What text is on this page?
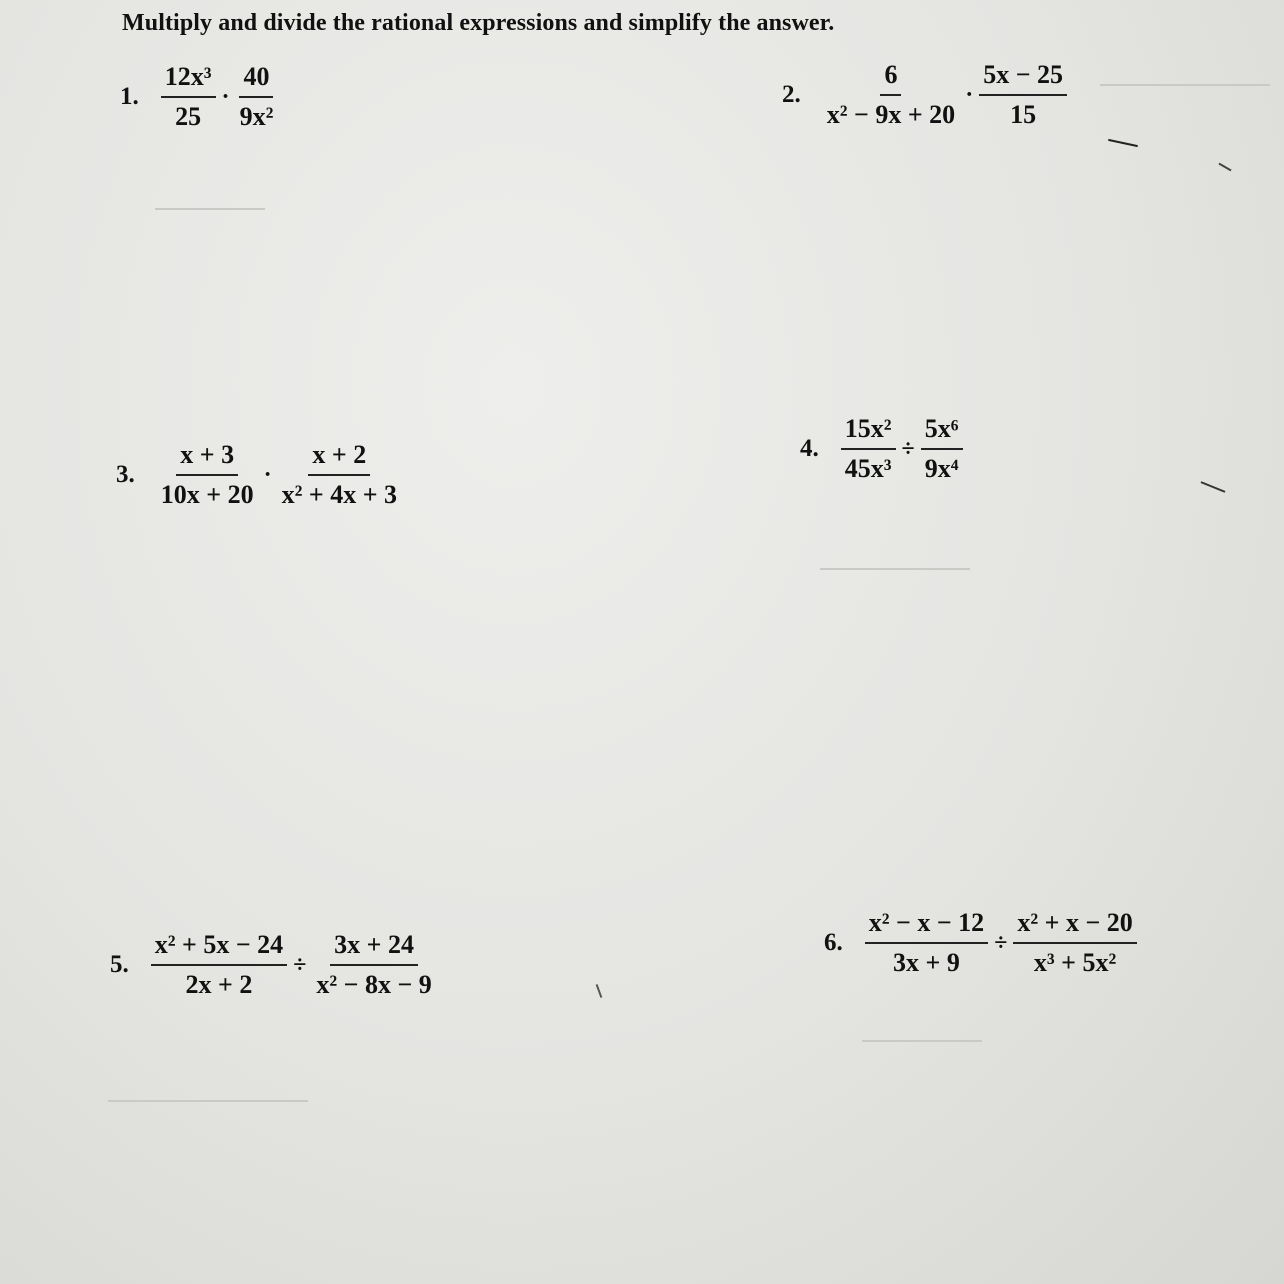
Multiply and divide the rational expressions and simplify the answer.
1. $\frac{\text{12x³}}{25} \cdot \frac{40}{\text{9x²}}$	2. $\frac{6}{\text{x² − 9x + 20}} \cdot \frac{5x - 25}{15}$
3. $\frac{x + 3}{10x + 20} \cdot \frac{x + 2}{\text{x² + 4x + 3}}$	4. $\frac{\text{15x²}}{\text{45x³}} \div \frac{\text{5x⁶}}{\text{9x⁴}}$
5. $\frac{\text{x² + 5x − 24}}{2x + 2} \div \frac{3x + 24}{\text{x² − 8x − 9}}$	6. $\frac{\text{x² − x − 12}}{3x + 9} \div \frac{\text{x² + x − 20}}{\text{x³ + 5x²}}$
